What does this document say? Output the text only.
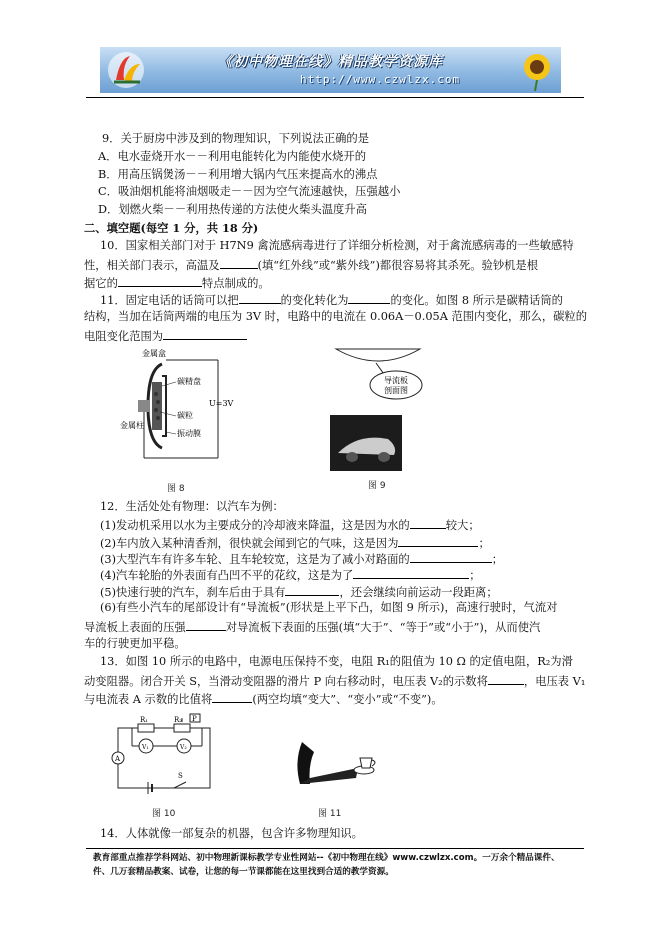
《初中物理在线》精品教学资源库
http://www.czwlzx.com
9．关于厨房中涉及到的物理知识，下列说法正确的是
A．电水壶烧开水－－利用电能转化为内能使水烧开的
B．用高压锅煲汤－－利用增大锅内气压来提高水的沸点
C．吸油烟机能将油烟吸走－－因为空气流速越快，压强越小
D．划燃火柴－－利用热传递的方法使火柴头温度升高
二、填空题(每空 1 分，共 18 分)
10．国家相关部门对于 H7N9 禽流感病毒进行了详细分析检测，对于禽流感病毒的一些敏感特
性，相关部门表示，高温及	(填“红外线”或“紫外线”)都很容易将其杀死。验钞机是根
据它的	特点制成的。
11．固定电话的话筒可以把	的变化转化为	的变化。如图 8 所示是碳精话筒的
结构，当加在话筒两端的电压为 3V 时，电路中的电流在 0.06A－0.05A 范围内变化，那么，碳粒的
电阻变化范围为
金属盒
碳精盘
碳粒
振动膜
金属柱
U=3V
图 8
导流板
剖面图
图 9
12．生活处处有物理：以汽车为例：
(1)发动机采用以水为主要成分的冷却液来降温，这是因为水的	较大；
(2)车内放入某种清香剂，很快就会闻到它的气味，这是因为	；
(3)大型汽车有许多车轮、且车轮较宽，这是为了减小对路面的	；
(4)汽车轮胎的外表面有凸凹不平的花纹，这是为了	；
(5)快速行驶的汽车，刹车后由于具有	，还会继续向前运动一段距离；
(6)有些小汽车的尾部设计有“导流板”(形状是上平下凸，如图 9 所示)，高速行驶时，气流对
导流板上表面的压强	对导流板下表面的压强(填“大于”、“等于”或“小于”)，从而使汽
车的行驶更加平稳。
13．如图 10 所示的电路中，电源电压保持不变，电阻 R₁的阻值为 10 Ω 的定值电阻，R₂为滑
动变阻器。闭合开关 S，当滑动变阻器的滑片 P 向右移动时，电压表 V₂的示数将	，电压表 V₁
与电流表 A 示数的比值将	(两空均填“变大”、“变小”或“不变”)。
R₁	R₂ P
V₁	V₂
A
S
图 10	图 11
14．人体就像一部复杂的机器，包含许多物理知识。
教育部重点推荐学科网站、初中物理新课标教学专业性网站--《初中物理在线》www.czwlzx.com。一万余个精品课件、
件、几万套精品教案、试卷，让您的每一节课都能在这里找到合适的教学资源。
